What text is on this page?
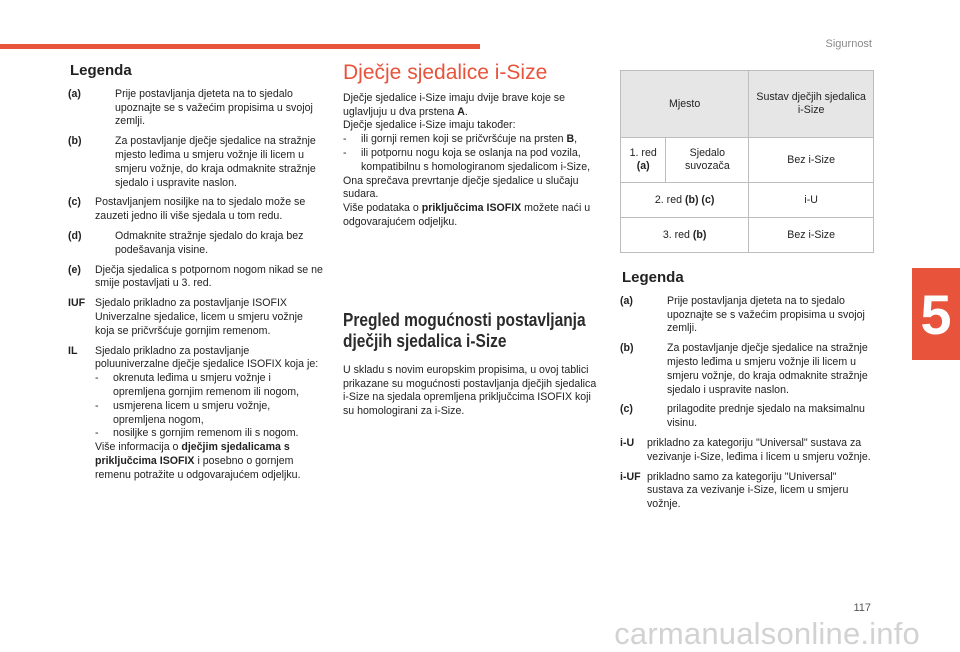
Sigurnost
5
Legenda
(a)	Prije postavljanja djeteta na to sjedalo upoznajte se s važećim propisima u svojoj zemlji.
(b)	Za postavljanje dječje sjedalice na stražnje mjesto leđima u smjeru vožnje ili licem u smjeru vožnje, do kraja odmaknite stražnje sjedalo i uspravite naslon.
(c)	Postavljanjem nosiljke na to sjedalo može se zauzeti jedno ili više sjedala u tom redu.
(d)	Odmaknite stražnje sjedalo do kraja bez podešavanja visine.
(e)	Dječja sjedalica s potpornom nogom nikad se ne smije postavljati u 3. red.
IUF Sjedalo prikladno za postavljanje ISOFIX Univerzalne sjedalice, licem u smjeru vožnje koja se pričvršćuje gornjim remenom.
IL	Sjedalo prikladno za postavljanje poluuniverzalne dječje sjedalice ISOFIX koja je:

-	okrenuta leđima u smjeru vožnje i opremljena gornjim remenom ili nogom,
-	usmjerena licem u smjeru vožnje, opremljena nogom,
-	nosiljke s gornjim remenom ili s nogom.

Više informacija o dječjim sjedalicama s priključcima ISOFIX i posebno o gornjem remenu potražite u odgovarajućem odjeljku.

Dječje sjedalice i-Size

Dječje sjedalice i-Size imaju dvije brave koje se uglavljuju u dva prstena A.

Dječje sjedalice i-Size imaju također:

-	ili gornji remen koji se pričvršćuje na prsten B,
-	ili potpornu nogu koja se oslanja na pod vozila, kompatibilnu s homologiranom sjedalicom i-Size,

Ona sprečava prevrtanje dječje sjedalice u slučaju sudara.

Više podataka o priključcima ISOFIX možete naći u odgovarajućem odjeljku.

Pregled mogućnosti postavljanja dječjih sjedalica i-Size

U skladu s novim europskim propisima, u ovoj tablici prikazane su mogućnosti postavljanja dječjih sjedalica i-Size na sjedala opremljena priključcima ISOFIX koji su homologirani za i-Size.

Mjesto		Sustav dječjih sjedalica i-Size
1. red (a)	Sjedalo suvozača	Bez i-Size
2. red (b) (c)		i-U
3. red (b)		Bez i-Size
Legenda
(a)	Prije postavljanja djeteta na to sjedalo upoznajte se s važećim propisima u svojoj zemlji.
(b)	Za postavljanje dječje sjedalice na stražnje mjesto leđima u smjeru vožnje ili licem u smjeru vožnje, do kraja odmaknite stražnje sjedalo i uspravite naslon.
(c)	prilagodite prednje sjedalo na maksimalnu visinu.
i-U	prikladno za kategoriju "Universal" sustava za vezivanje i-Size, leđima i licem u smjeru vožnje.
i-UF prikladno samo za kategoriju "Universal" sustava za vezivanje i-Size, licem u smjeru vožnje.
117
carmanualsonline.info
